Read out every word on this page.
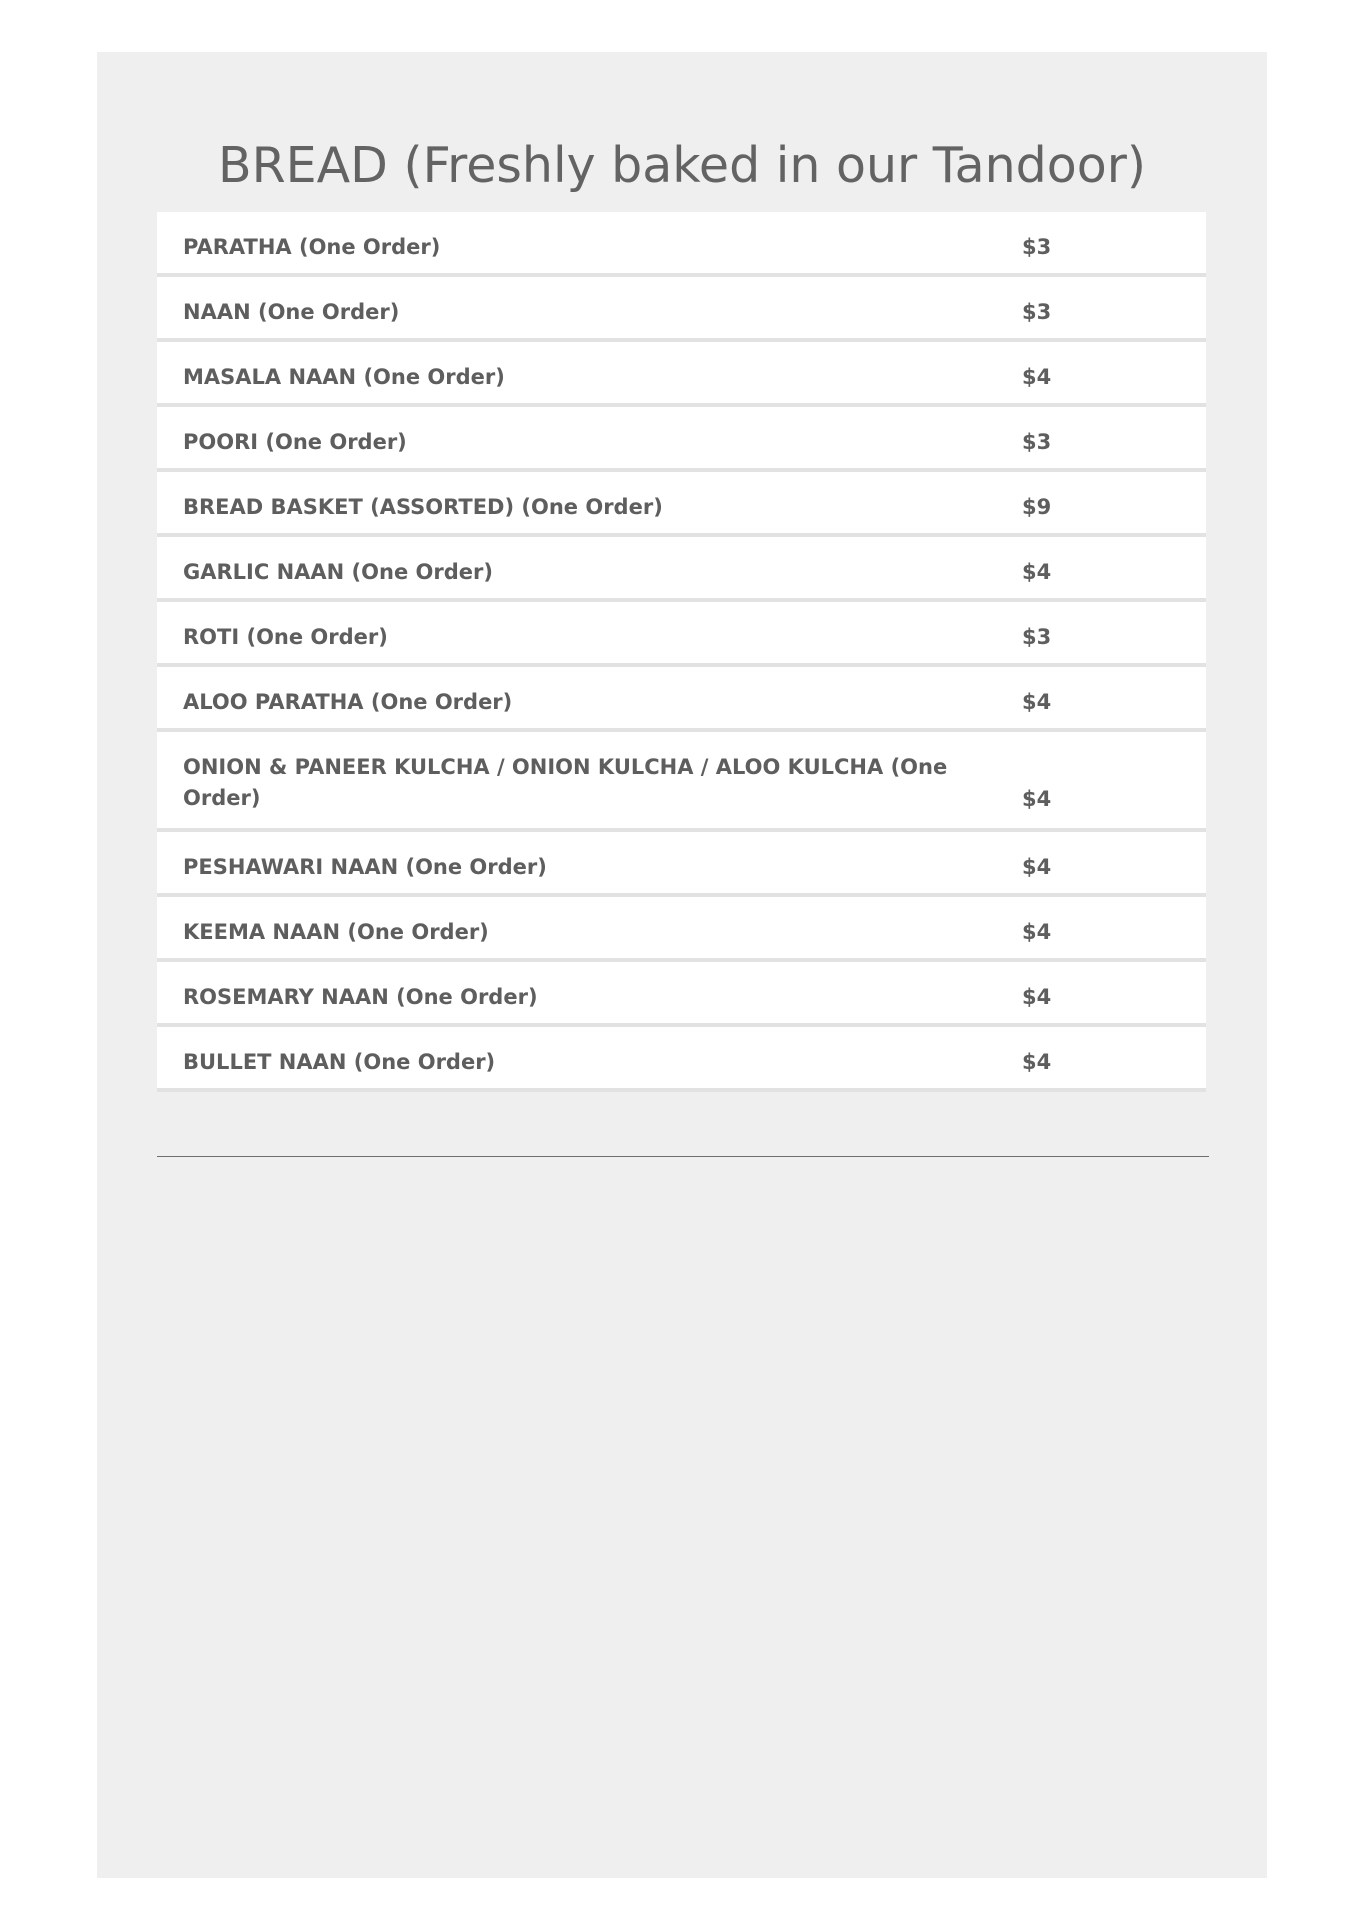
BREAD (Freshly baked in our Tandoor)
PARATHA (One Order)	$3
NAAN (One Order)	$3
MASALA NAAN (One Order)	$4
POORI (One Order)	$3
BREAD BASKET (ASSORTED) (One Order)	$9
GARLIC NAAN (One Order)	$4
ROTI (One Order)	$3
ALOO PARATHA (One Order)	$4
ONION & PANEER KULCHA / ONION KULCHA / ALOO KULCHA (One Order)	$4
PESHAWARI NAAN (One Order)	$4
KEEMA NAAN (One Order)	$4
ROSEMARY NAAN (One Order)	$4
BULLET NAAN (One Order)	$4
